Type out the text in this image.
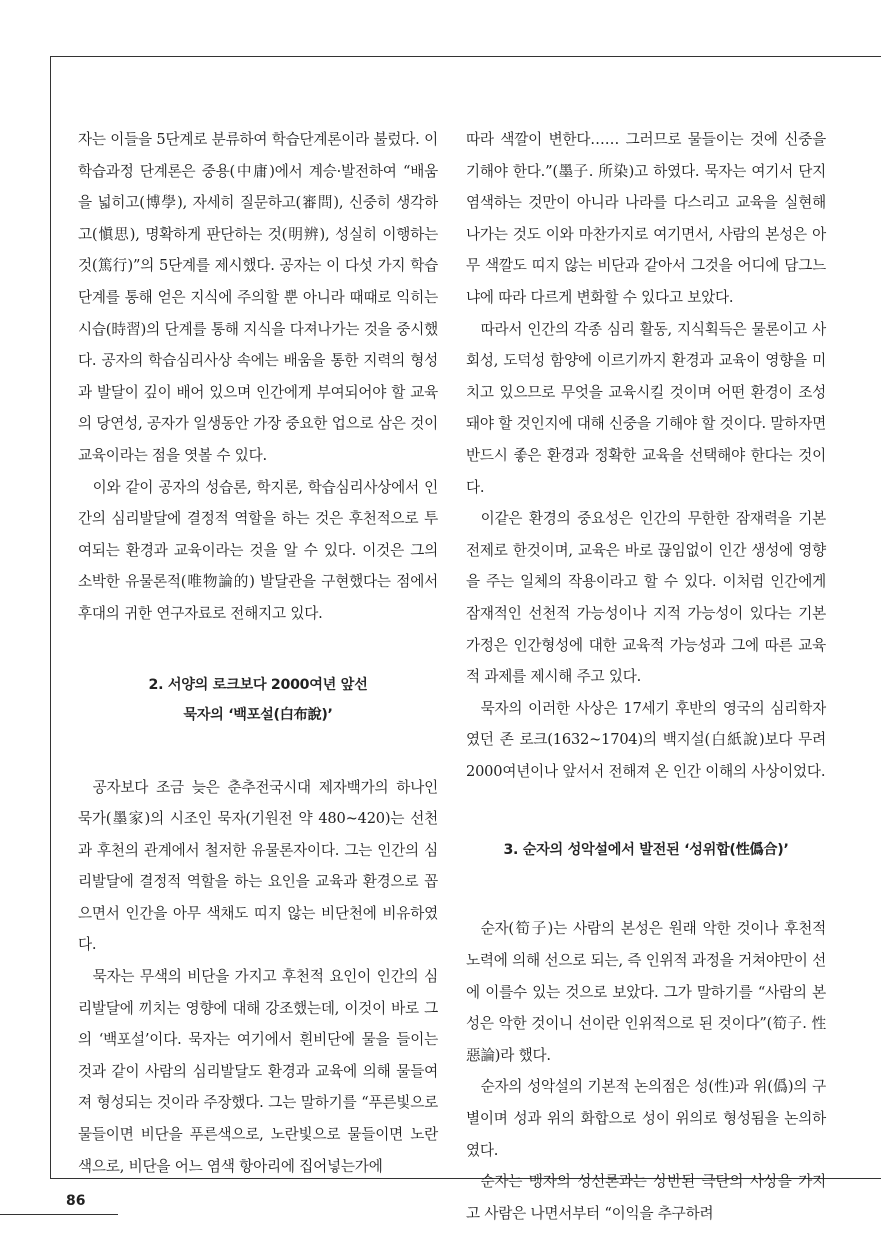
자는 이들을 5단계로 분류하여 학습단계론이라 불렀다. 이 학습과정 단계론은 중용(中庸)에서 계승·발전하여 “배움을 넓히고(博學), 자세히 질문하고(審問), 신중히 생각하고(愼思), 명확하게 판단하는 것(明辨), 성실히 이행하는 것(篤行)”의 5단계를 제시했다. 공자는 이 다섯 가지 학습단계를 통해 얻은 지식에 주의할 뿐 아니라 때때로 익히는 시습(時習)의 단계를 통해 지식을 다져나가는 것을 중시했다. 공자의 학습심리사상 속에는 배움을 통한 지력의 형성과 발달이 깊이 배어 있으며 인간에게 부여되어야 할 교육의 당연성, 공자가 일생동안 가장 중요한 업으로 삼은 것이 교육이라는 점을 엿볼 수 있다.

이와 같이 공자의 성습론, 학지론, 학습심리사상에서 인간의 심리발달에 결정적 역할을 하는 것은 후천적으로 투여되는 환경과 교육이라는 것을 알 수 있다. 이것은 그의 소박한 유물론적(唯物論的) 발달관을 구현했다는 점에서 후대의 귀한 연구자료로 전해지고 있다.

2. 서양의 로크보다 2000여년 앞선
묵자의 ‘백포설(白布說)’

공자보다 조금 늦은 춘추전국시대 제자백가의 하나인 묵가(墨家)의 시조인 묵자(기원전 약 480~420)는 선천과 후천의 관계에서 철저한 유물론자이다. 그는 인간의 심리발달에 결정적 역할을 하는 요인을 교육과 환경으로 꼽으면서 인간을 아무 색채도 띠지 않는 비단천에 비유하였다.

묵자는 무색의 비단을 가지고 후천적 요인이 인간의 심리발달에 끼치는 영향에 대해 강조했는데, 이것이 바로 그의 ‘백포설’이다. 묵자는 여기에서 흰비단에 물을 들이는 것과 같이 사람의 심리발달도 환경과 교육에 의해 물들여져 형성되는 것이라 주장했다. 그는 말하기를 “푸른빛으로 물들이면 비단을 푸른색으로, 노란빛으로 물들이면 노란색으로, 비단을 어느 염색 항아리에 집어넣는가에

따라 색깔이 변한다…… 그러므로 물들이는 것에 신중을 기해야 한다.”(墨子. 所染)고 하였다. 묵자는 여기서 단지 염색하는 것만이 아니라 나라를 다스리고 교육을 실현해 나가는 것도 이와 마찬가지로 여기면서, 사람의 본성은 아무 색깔도 띠지 않는 비단과 같아서 그것을 어디에 담그느냐에 따라 다르게 변화할 수 있다고 보았다.

따라서 인간의 각종 심리 활동, 지식획득은 물론이고 사회성, 도덕성 함양에 이르기까지 환경과 교육이 영향을 미치고 있으므로 무엇을 교육시킬 것이며 어떤 환경이 조성돼야 할 것인지에 대해 신중을 기해야 할 것이다. 말하자면 반드시 좋은 환경과 정확한 교육을 선택해야 한다는 것이다.

이같은 환경의 중요성은 인간의 무한한 잠재력을 기본 전제로 한것이며, 교육은 바로 끊임없이 인간 생성에 영향을 주는 일체의 작용이라고 할 수 있다. 이처럼 인간에게 잠재적인 선천적 가능성이나 지적 가능성이 있다는 기본 가정은 인간형성에 대한 교육적 가능성과 그에 따른 교육적 과제를 제시해 주고 있다.

묵자의 이러한 사상은 17세기 후반의 영국의 심리학자였던 존 로크(1632~1704)의 백지설(白紙說)보다 무려 2000여년이나 앞서서 전해져 온 인간 이해의 사상이었다.

3. 순자의 성악설에서 발전된 ‘성위합(性僞合)’

순자(筍子)는 사람의 본성은 원래 악한 것이나 후천적 노력에 의해 선으로 되는, 즉 인위적 과정을 거쳐야만이 선에 이를수 있는 것으로 보았다. 그가 말하기를 “사람의 본성은 악한 것이니 선이란 인위적으로 된 것이다”(筍子. 性惡論)라 했다.

순자의 성악설의 기본적 논의점은 성(性)과 위(僞)의 구별이며 성과 위의 화합으로 성이 위의로 형성됨을 논의하였다.

순자는 맹자의 성선론과는 상반된 극단의 사상을 가지고 사람은 나면서부터 “이익을 추구하려

86
